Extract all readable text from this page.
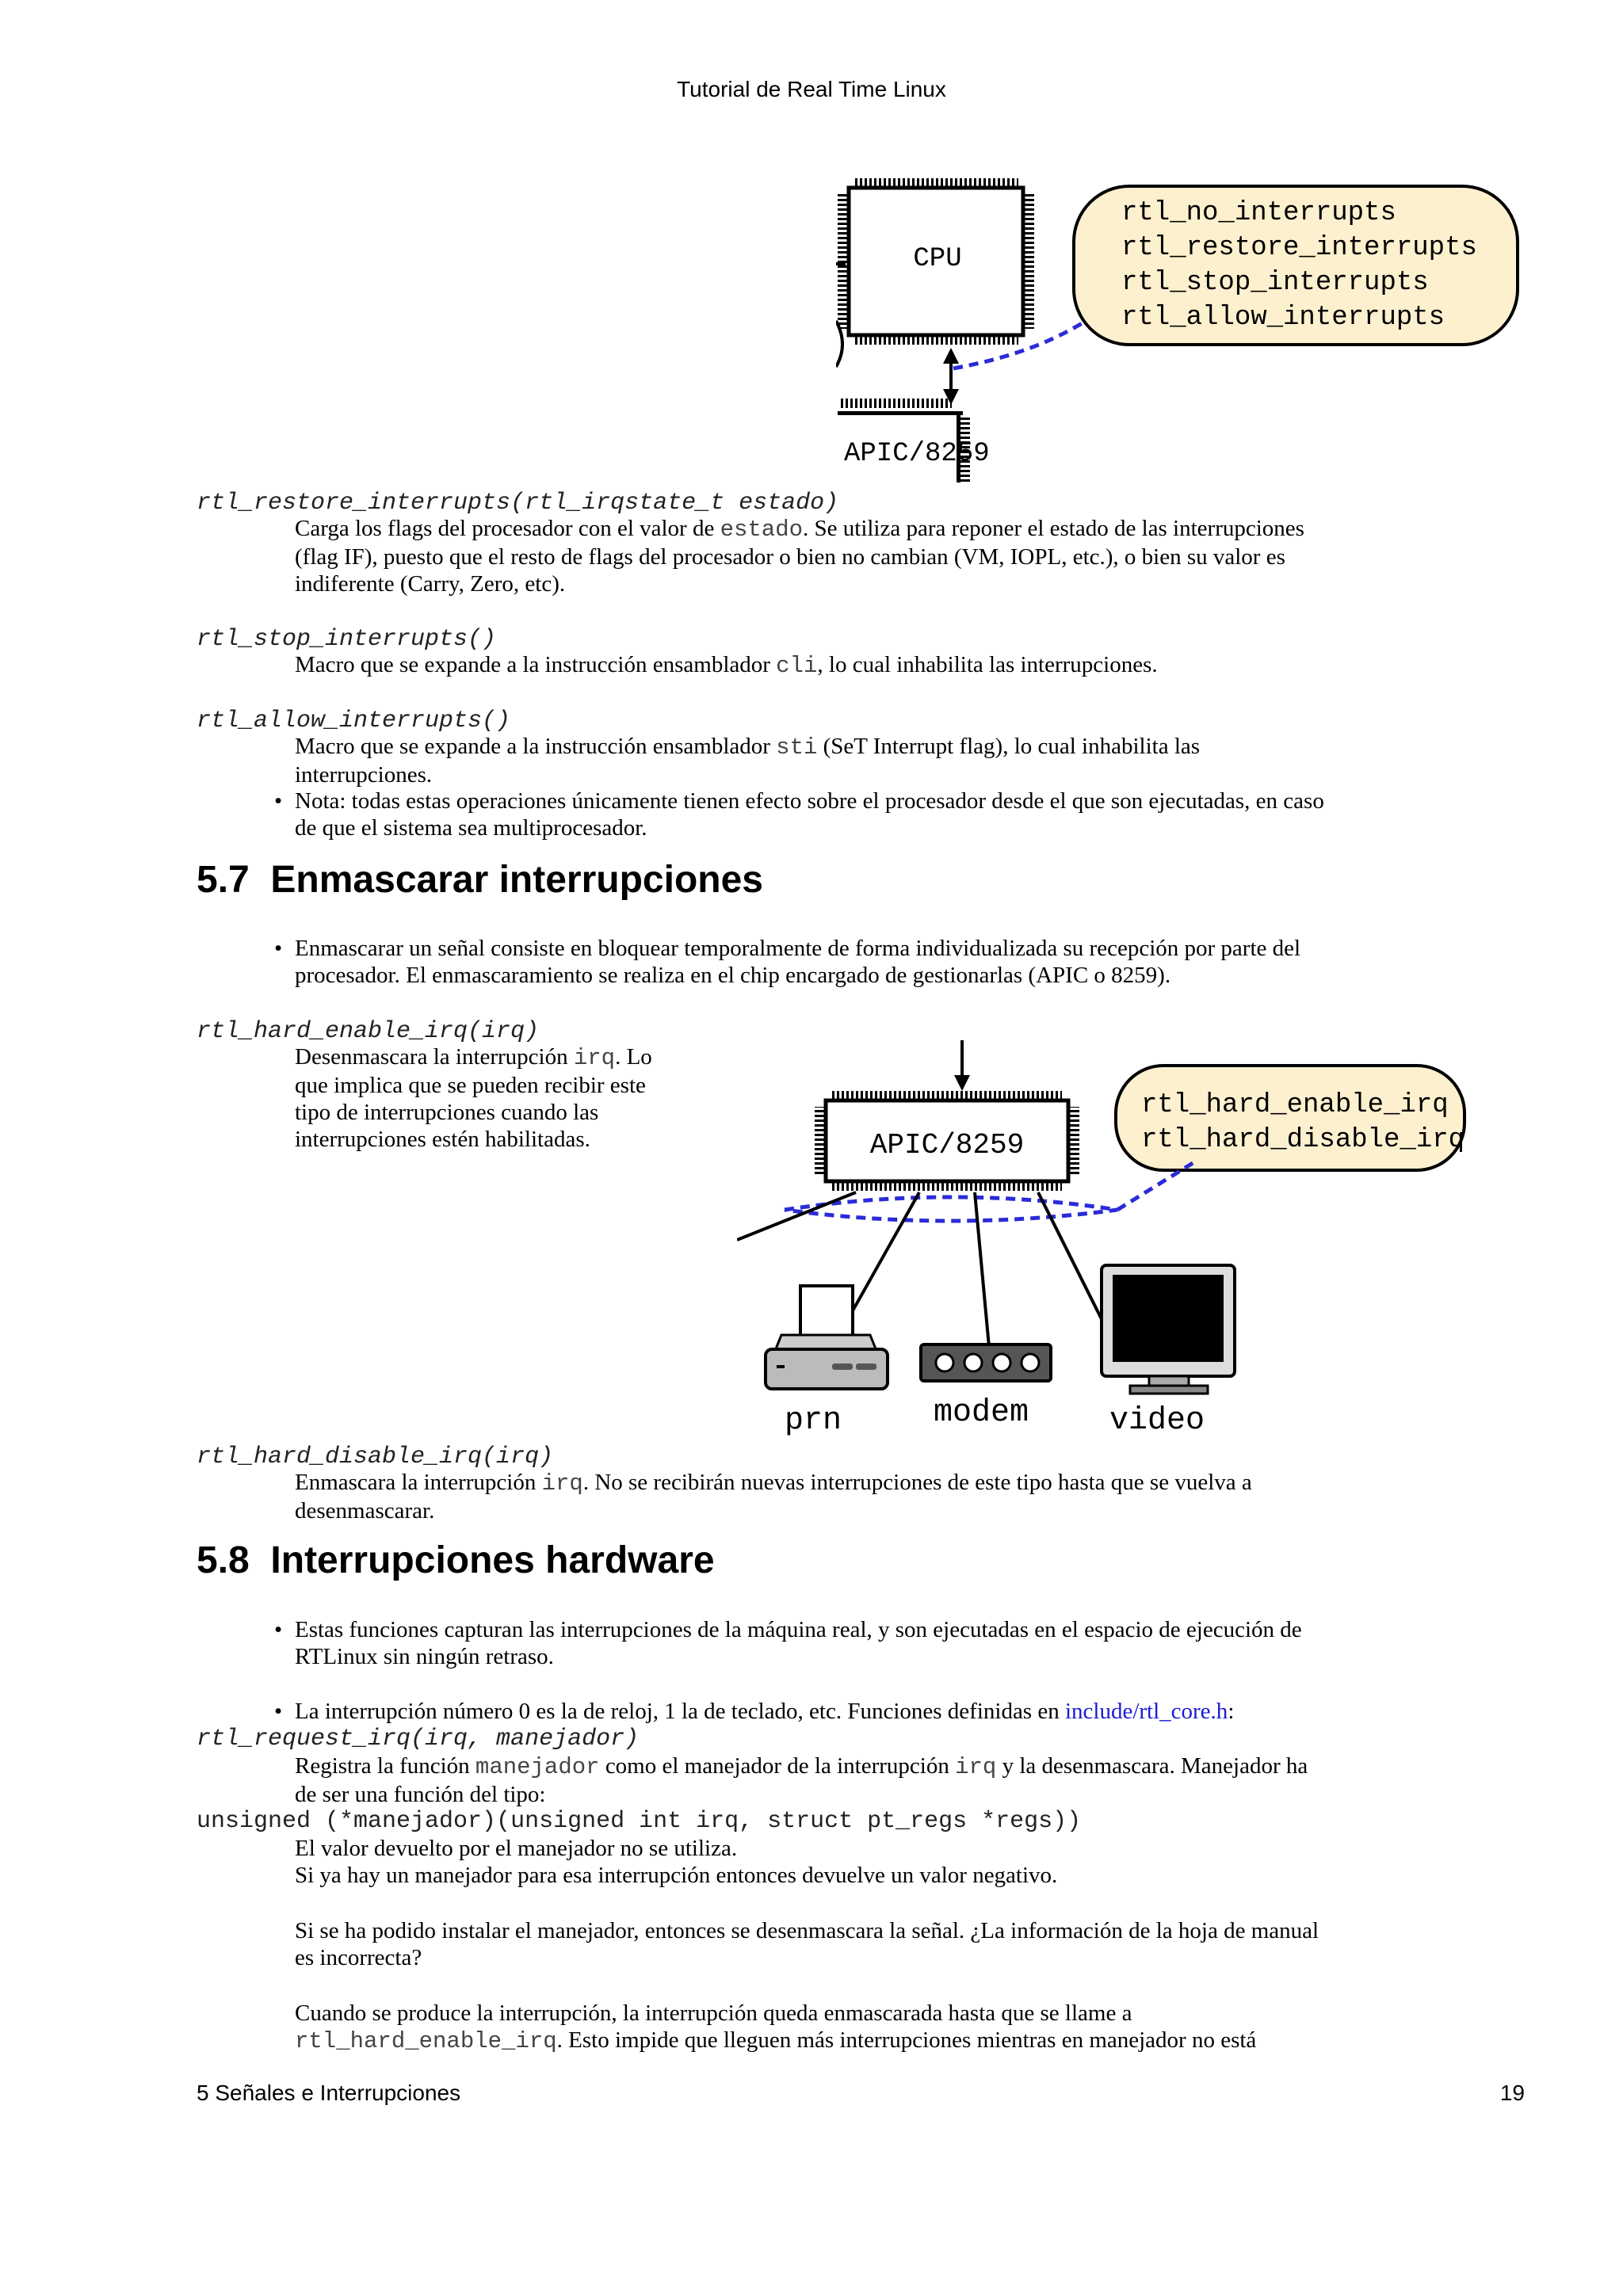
Tutorial de Real Time Linux
CPU
APIC/8259
rtl_no_interrupts
rtl_restore_interrupts
rtl_stop_interrupts
rtl_allow_interrupts
rtl_restore_interrupts(rtl_irqstate_t estado)
Carga los flags del procesador con el valor de estado. Se utiliza para reponer el estado de las interrupciones
(flag IF), puesto que el resto de flags del procesador o bien no cambian (VM, IOPL, etc.), o bien su valor es
indiferente (Carry, Zero, etc).
rtl_stop_interrupts()
Macro que se expande a la instrucción ensamblador cli, lo cual inhabilita las interrupciones.
rtl_allow_interrupts()
Macro que se expande a la instrucción ensamblador sti (SeT Interrupt flag), lo cual inhabilita las
interrupciones.
• Nota: todas estas operaciones únicamente tienen efecto sobre el procesador desde el que son ejecutadas, en caso
de que el sistema sea multiprocesador.
5.7 Enmascarar interrupciones
• Enmascarar un señal consiste en bloquear temporalmente de forma individualizada su recepción por parte del
procesador. El enmascaramiento se realiza en el chip encargado de gestionarlas (APIC o 8259).
rtl_hard_enable_irq(irq)
Desenmascara la interrupción irq. Lo
que implica que se pueden recibir este
tipo de interrupciones cuando las
interrupciones estén habilitadas.	APIC/8259
rtl_hard_enable_irq
rtl_hard_disable_irq
prn	modem	video
rtl_hard_disable_irq(irq)
Enmascara la interrupción irq. No se recibirán nuevas interrupciones de este tipo hasta que se vuelva a
desenmascarar.
5.8 Interrupciones hardware
• Estas funciones capturan las interrupciones de la máquina real, y son ejecutadas en el espacio de ejecución de
RTLinux sin ningún retraso.
• La interrupción número 0 es la de reloj, 1 la de teclado, etc. Funciones definidas en include/rtl_core.h:
rtl_request_irq(irq, manejador)
Registra la función manejador como el manejador de la interrupción irq y la desenmascara. Manejador ha
de ser una función del tipo:
unsigned (*manejador)(unsigned int irq, struct pt_regs *regs))
El valor devuelto por el manejador no se utiliza.
Si ya hay un manejador para esa interrupción entonces devuelve un valor negativo.
Si se ha podido instalar el manejador, entonces se desenmascara la señal. ¿La información de la hoja de manual
es incorrecta?
Cuando se produce la interrupción, la interrupción queda enmascarada hasta que se llame a
rtl_hard_enable_irq. Esto impide que lleguen más interrupciones mientras en manejador no está
5 Señales e Interrupciones	19
